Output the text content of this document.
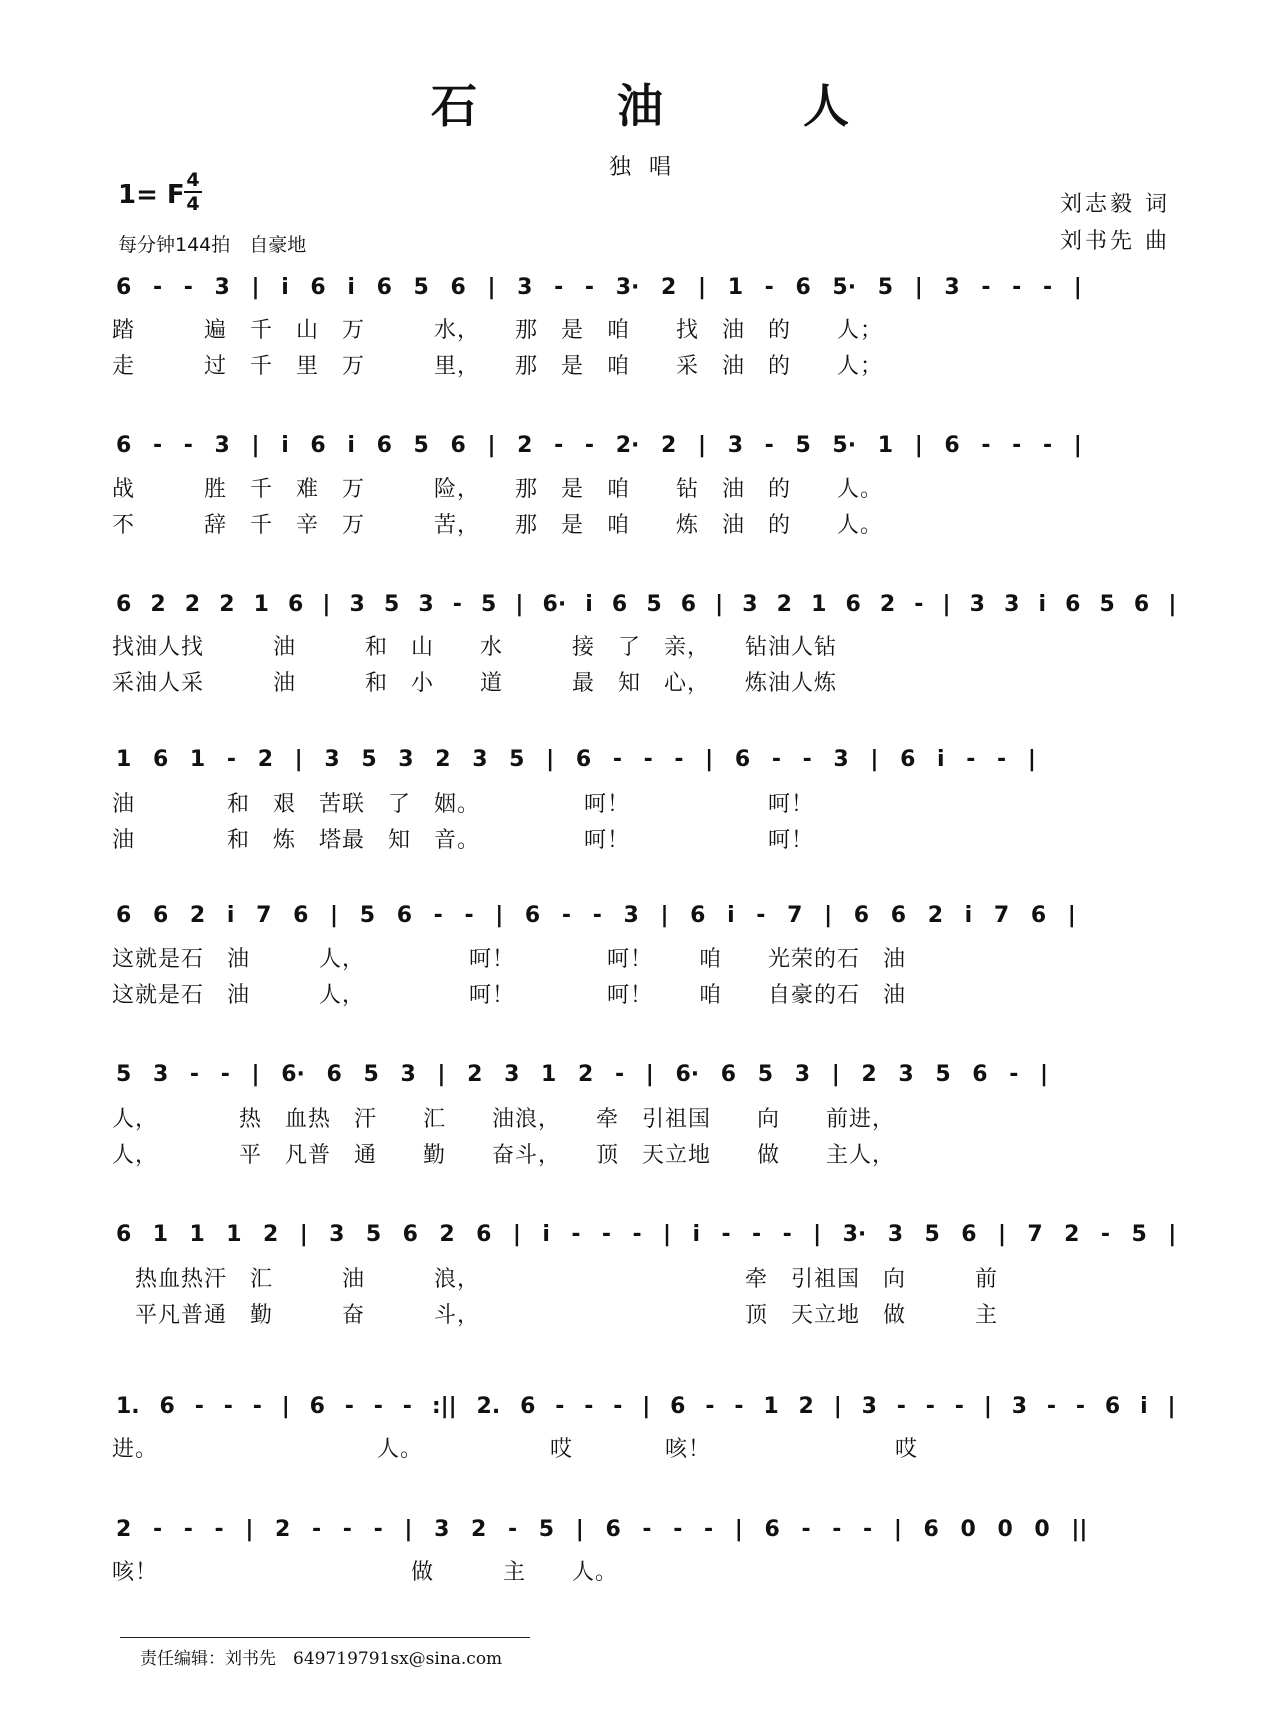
石 油 人
独唱
1= F 4
4
每分钟144拍　自豪地
刘志毅 词
刘书先 曲
6 - - 3 | i 6 i 6 5 6 | 3 - - 3· 2 | 1 - 6 5· 5 | 3 - - - |
踏　　　遍　千　山　万　　　水，　　那　是　咱　　找　油　的　　人；
走　　　过　千　里　万　　　里，　　那　是　咱　　采　油　的　　人；
6 - - 3 | i 6 i 6 5 6 | 2 - - 2· 2 | 3 - 5 5· 1 | 6 - - - |
战　　　胜　千　难　万　　　险，　　那　是　咱　　钻　油　的　　人。
不　　　辞　千　辛　万　　　苦，　　那　是　咱　　炼　油　的　　人。
6 2 2 2 1 6 | 3 5 3 - 5 | 6· i 6 5 6 | 3 2 1 6 2 - | 3 3 i 6 5 6 |
找油人找　　　油　　　和　山　　水　　　接　了　亲，　　钻油人钻
采油人采　　　油　　　和　小　　道　　　最　知　心，　　炼油人炼
1 6 1 - 2 | 3 5 3 2 3 5 | 6 - - - | 6 - - 3 | 6 i - - |
油　　　　和　艰　苦联　了　姻。　　　　　呵！　　　　　　呵！
油　　　　和　炼　塔最　知　音。　　　　　呵！　　　　　　呵！
6 6 2 i 7 6 | 5 6 - - | 6 - - 3 | 6 i - 7 | 6 6 2 i 7 6 |
这就是石　油　　　人，　　　　　呵！　　　　呵！　　咱　　光荣的石　油
这就是石　油　　　人，　　　　　呵！　　　　呵！　　咱　　自豪的石　油
5 3 - - | 6· 6 5 3 | 2 3 1 2 - | 6· 6 5 3 | 2 3 5 6 - |
人，　　　　热　血热　汗　　汇　　油浪，　　牵　引祖国　　向　　前进，
人，　　　　平　凡普　通　　勤　　奋斗，　　顶　天立地　　做　　主人，
6 1 1 1 2 | 3 5 6 2 6 | i - - - | i - - - | 3· 3 5 6 | 7 2 - 5 |
　热血热汗　汇　　　油　　　浪，　　　　　　　　　　　　牵　引祖国　向　　　前
　平凡普通　勤　　　奋　　　斗，　　　　　　　　　　　　顶　天立地　做　　　主
1. 6 - - - | 6 - - - :|| 2. 6 - - - | 6 - - 1 2 | 3 - - - | 3 - - 6 i |
进。　　　　　　　　　　人。　　　　　　哎　　　　咳！　　　　　　　　哎
2 - - - | 2 - - - | 3 2 - 5 | 6 - - - | 6 - - - | 6 0 0 0 ||
咳！　　　　　　　　　　　做　　　主　　人。
责任编辑：刘书先　649719791sx@sina.com
